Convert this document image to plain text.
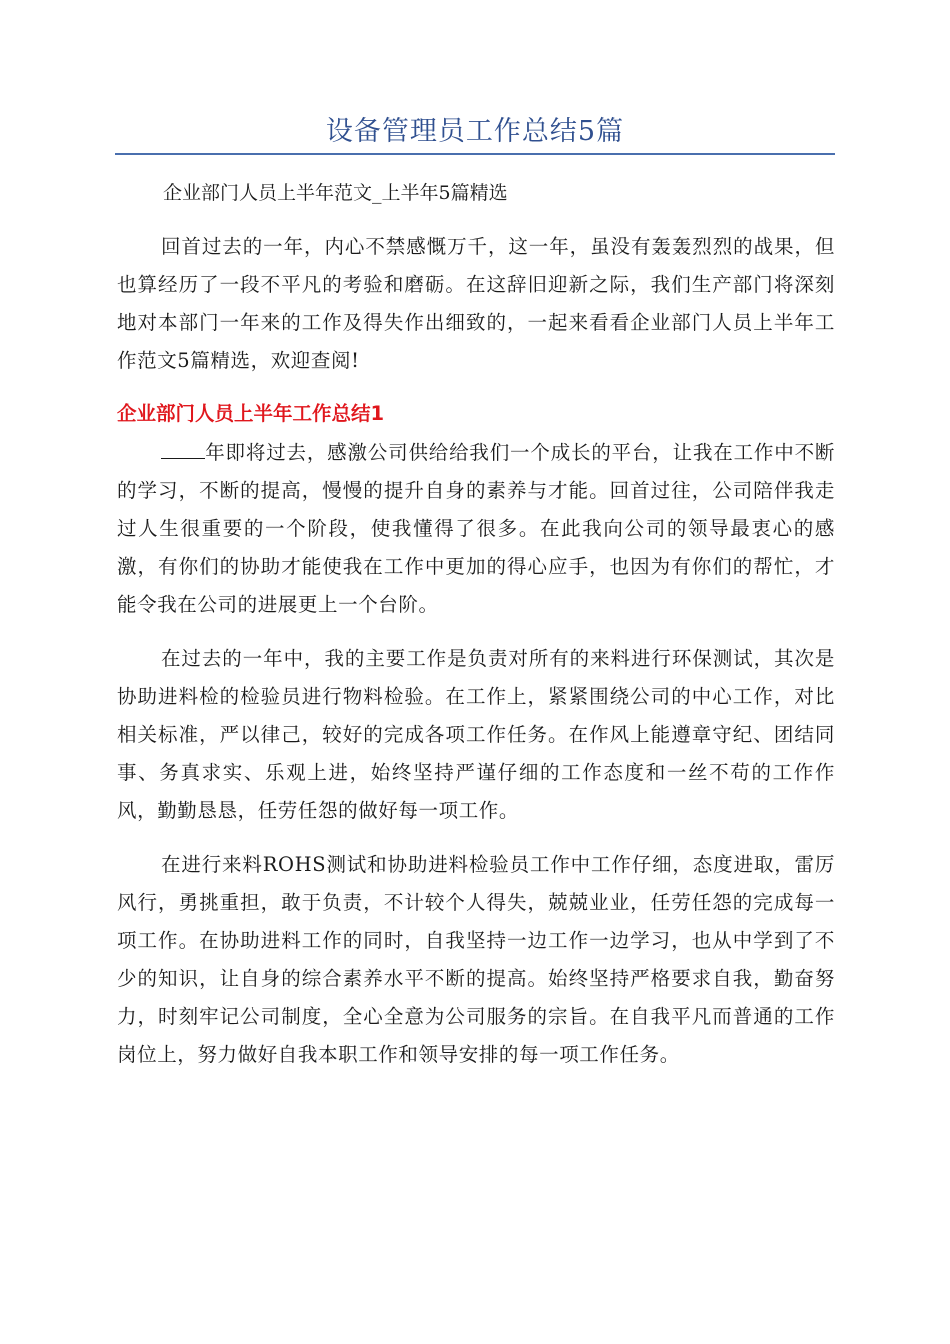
设备管理员工作总结5篇

企业部门人员上半年范文_上半年5篇精选

回首过去的一年，内心不禁感慨万千，这一年，虽没有轰轰烈烈的战果，但也算经历了一段不平凡的考验和磨砺。在这辞旧迎新之际，我们生产部门将深刻地对本部门一年来的工作及得失作出细致的，一起来看看企业部门人员上半年工作范文5篇精选，欢迎查阅!

企业部门人员上半年工作总结1

年即将过去，感激公司供给给我们一个成长的平台，让我在工作中不断的学习，不断的提高，慢慢的提升自身的素养与才能。回首过往，公司陪伴我走过人生很重要的一个阶段，使我懂得了很多。在此我向公司的领导最衷心的感激，有你们的协助才能使我在工作中更加的得心应手，也因为有你们的帮忙，才能令我在公司的进展更上一个台阶。

在过去的一年中，我的主要工作是负责对所有的来料进行环保测试，其次是协助进料检的检验员进行物料检验。在工作上，紧紧围绕公司的中心工作，对比相关标准，严以律己，较好的完成各项工作任务。在作风上能遵章守纪、团结同事、务真求实、乐观上进，始终坚持严谨仔细的工作态度和一丝不苟的工作作风，勤勤恳恳，任劳任怨的做好每一项工作。

在进行来料ROHS测试和协助进料检验员工作中工作仔细，态度进取，雷厉风行，勇挑重担，敢于负责，不计较个人得失，兢兢业业，任劳任怨的完成每一项工作。在协助进料工作的同时，自我坚持一边工作一边学习，也从中学到了不少的知识，让自身的综合素养水平不断的提高。始终坚持严格要求自我，勤奋努力，时刻牢记公司制度，全心全意为公司服务的宗旨。在自我平凡而普通的工作岗位上，努力做好自我本职工作和领导安排的每一项工作任务。
